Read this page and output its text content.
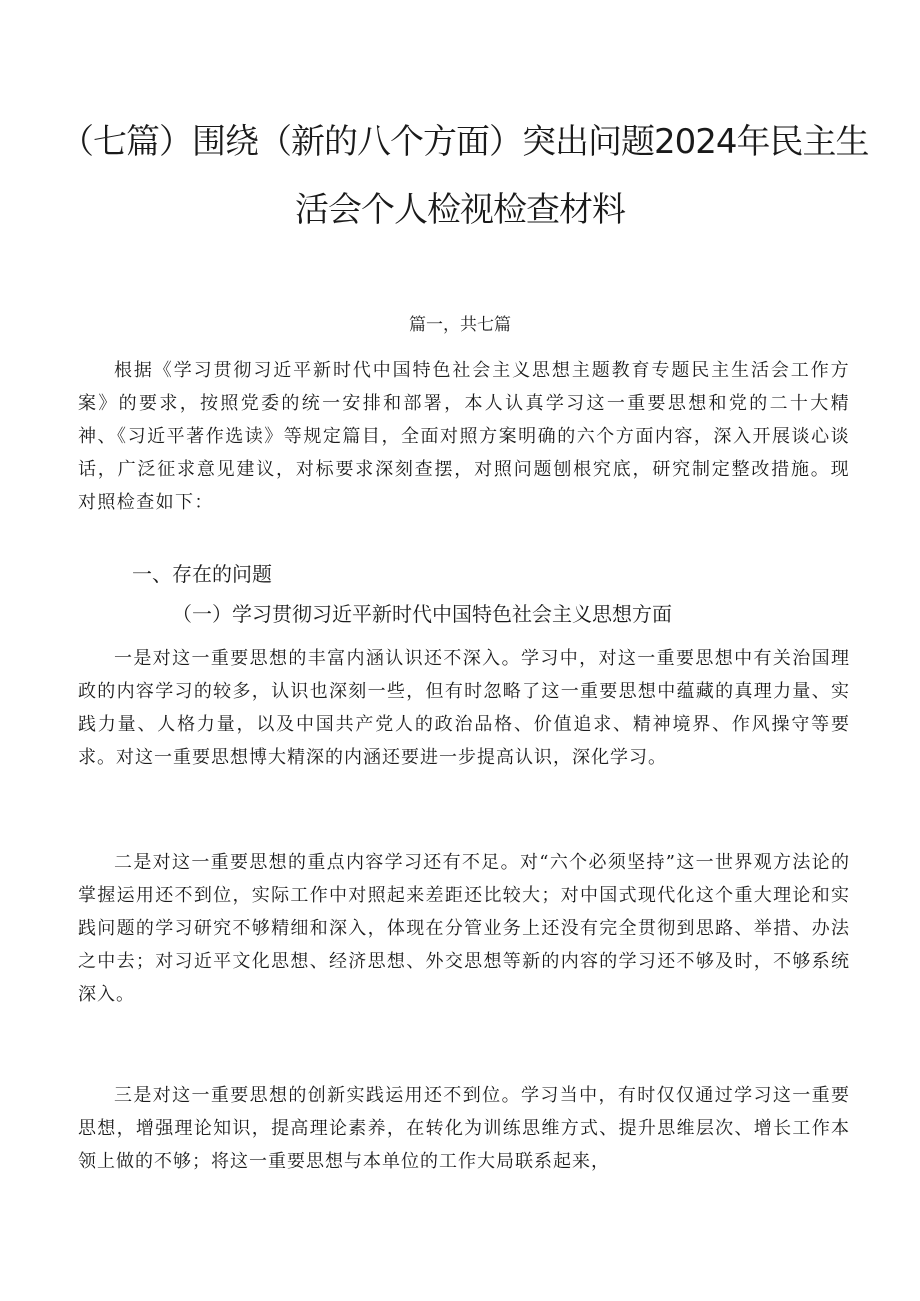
（七篇）围绕（新的八个方面）突出问题2024年民主生
活会个人检视检查材料
篇一，共七篇

根据《学习贯彻习近平新时代中国特色社会主义思想主题教育专题民主生活会工作方案》的要求，按照党委的统一安排和部署，本人认真学习这一重要思想和党的二十大精神、《习近平著作选读》等规定篇目，全面对照方案明确的六个方面内容，深入开展谈心谈话，广泛征求意见建议，对标要求深刻查摆，对照问题刨根究底，研究制定整改措施。现对照检查如下：

一、存在的问题
（一）学习贯彻习近平新时代中国特色社会主义思想方面

一是对这一重要思想的丰富内涵认识还不深入。学习中，对这一重要思想中有关治国理政的内容学习的较多，认识也深刻一些，但有时忽略了这一重要思想中蕴藏的真理力量、实践力量、人格力量，以及中国共产党人的政治品格、价值追求、精神境界、作风操守等要求。对这一重要思想博大精深的内涵还要进一步提高认识，深化学习。

二是对这一重要思想的重点内容学习还有不足。对“六个必须坚持”这一世界观方法论的掌握运用还不到位，实际工作中对照起来差距还比较大；对中国式现代化这个重大理论和实践问题的学习研究不够精细和深入，体现在分管业务上还没有完全贯彻到思路、举措、办法之中去；对习近平文化思想、经济思想、外交思想等新的内容的学习还不够及时，不够系统深入。

三是对这一重要思想的创新实践运用还不到位。学习当中，有时仅仅通过学习这一重要思想，增强理论知识，提高理论素养，在转化为训练思维方式、提升思维层次、增长工作本领上做的不够；将这一重要思想与本单位的工作大局联系起来，
